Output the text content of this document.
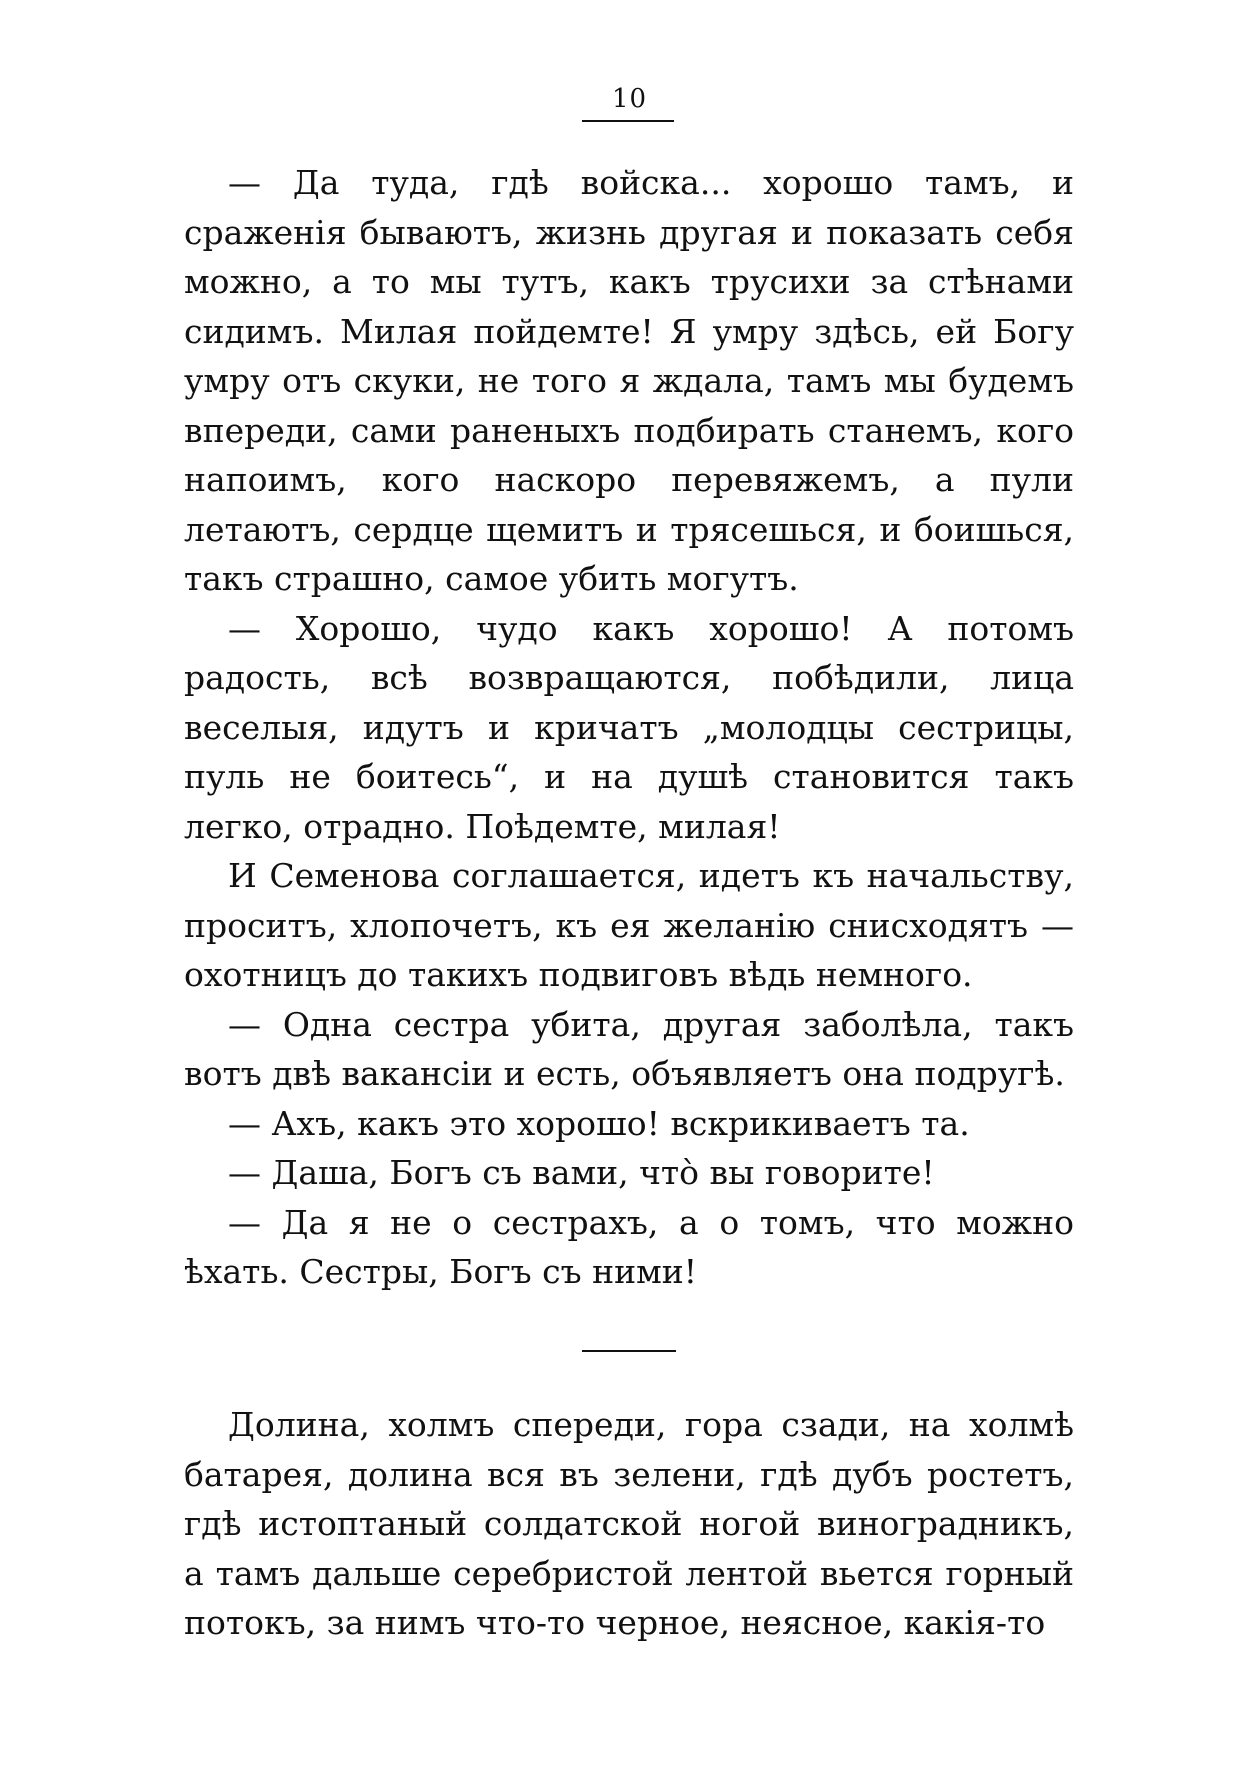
10

— Да туда, гдѣ войска... хорошо тамъ, и сраженія бываютъ, жизнь другая и показать себя можно, а то мы тутъ, какъ трусихи за стѣнами сидимъ. Милая пойдемте! Я умру здѣсь, ей Богу умру отъ скуки, не того я ждала, тамъ мы будемъ впереди, сами раненыхъ подбирать станемъ, кого напоимъ, кого наскоро перевяжемъ, а пули летаютъ, сердце щемитъ и трясешься, и боишься, такъ страшно, самое убить могутъ.

— Хорошо, чудо какъ хорошо! А потомъ радость, всѣ возвращаются, побѣдили, лица веселыя, идутъ и кричатъ „молодцы сестрицы, пуль не боитесь“, и на душѣ становится такъ легко, отрадно. Поѣдемте, милая!

И Семенова соглашается, идетъ къ начальству, проситъ, хлопочетъ, къ ея желанію снисходятъ — охотницъ до такихъ подвиговъ вѣдь немного.

— Одна сестра убита, другая заболѣла, такъ вотъ двѣ вакансіи и есть, объявляетъ она подругѣ.

— Ахъ, какъ это хорошо! вскрикиваетъ та.

— Даша, Богъ съ вами, что̀ вы говорите!

— Да я не о сестрахъ, а о томъ, что можно ѣхать. Сестры, Богъ съ ними!

Долина, холмъ спереди, гора сзади, на холмѣ батарея, долина вся въ зелени, гдѣ дубъ ростетъ, гдѣ истоптаный солдатской ногой виноградникъ, а тамъ дальше серебристой лентой вьется горный потокъ, за нимъ что-то черное, неясное, какія-то
